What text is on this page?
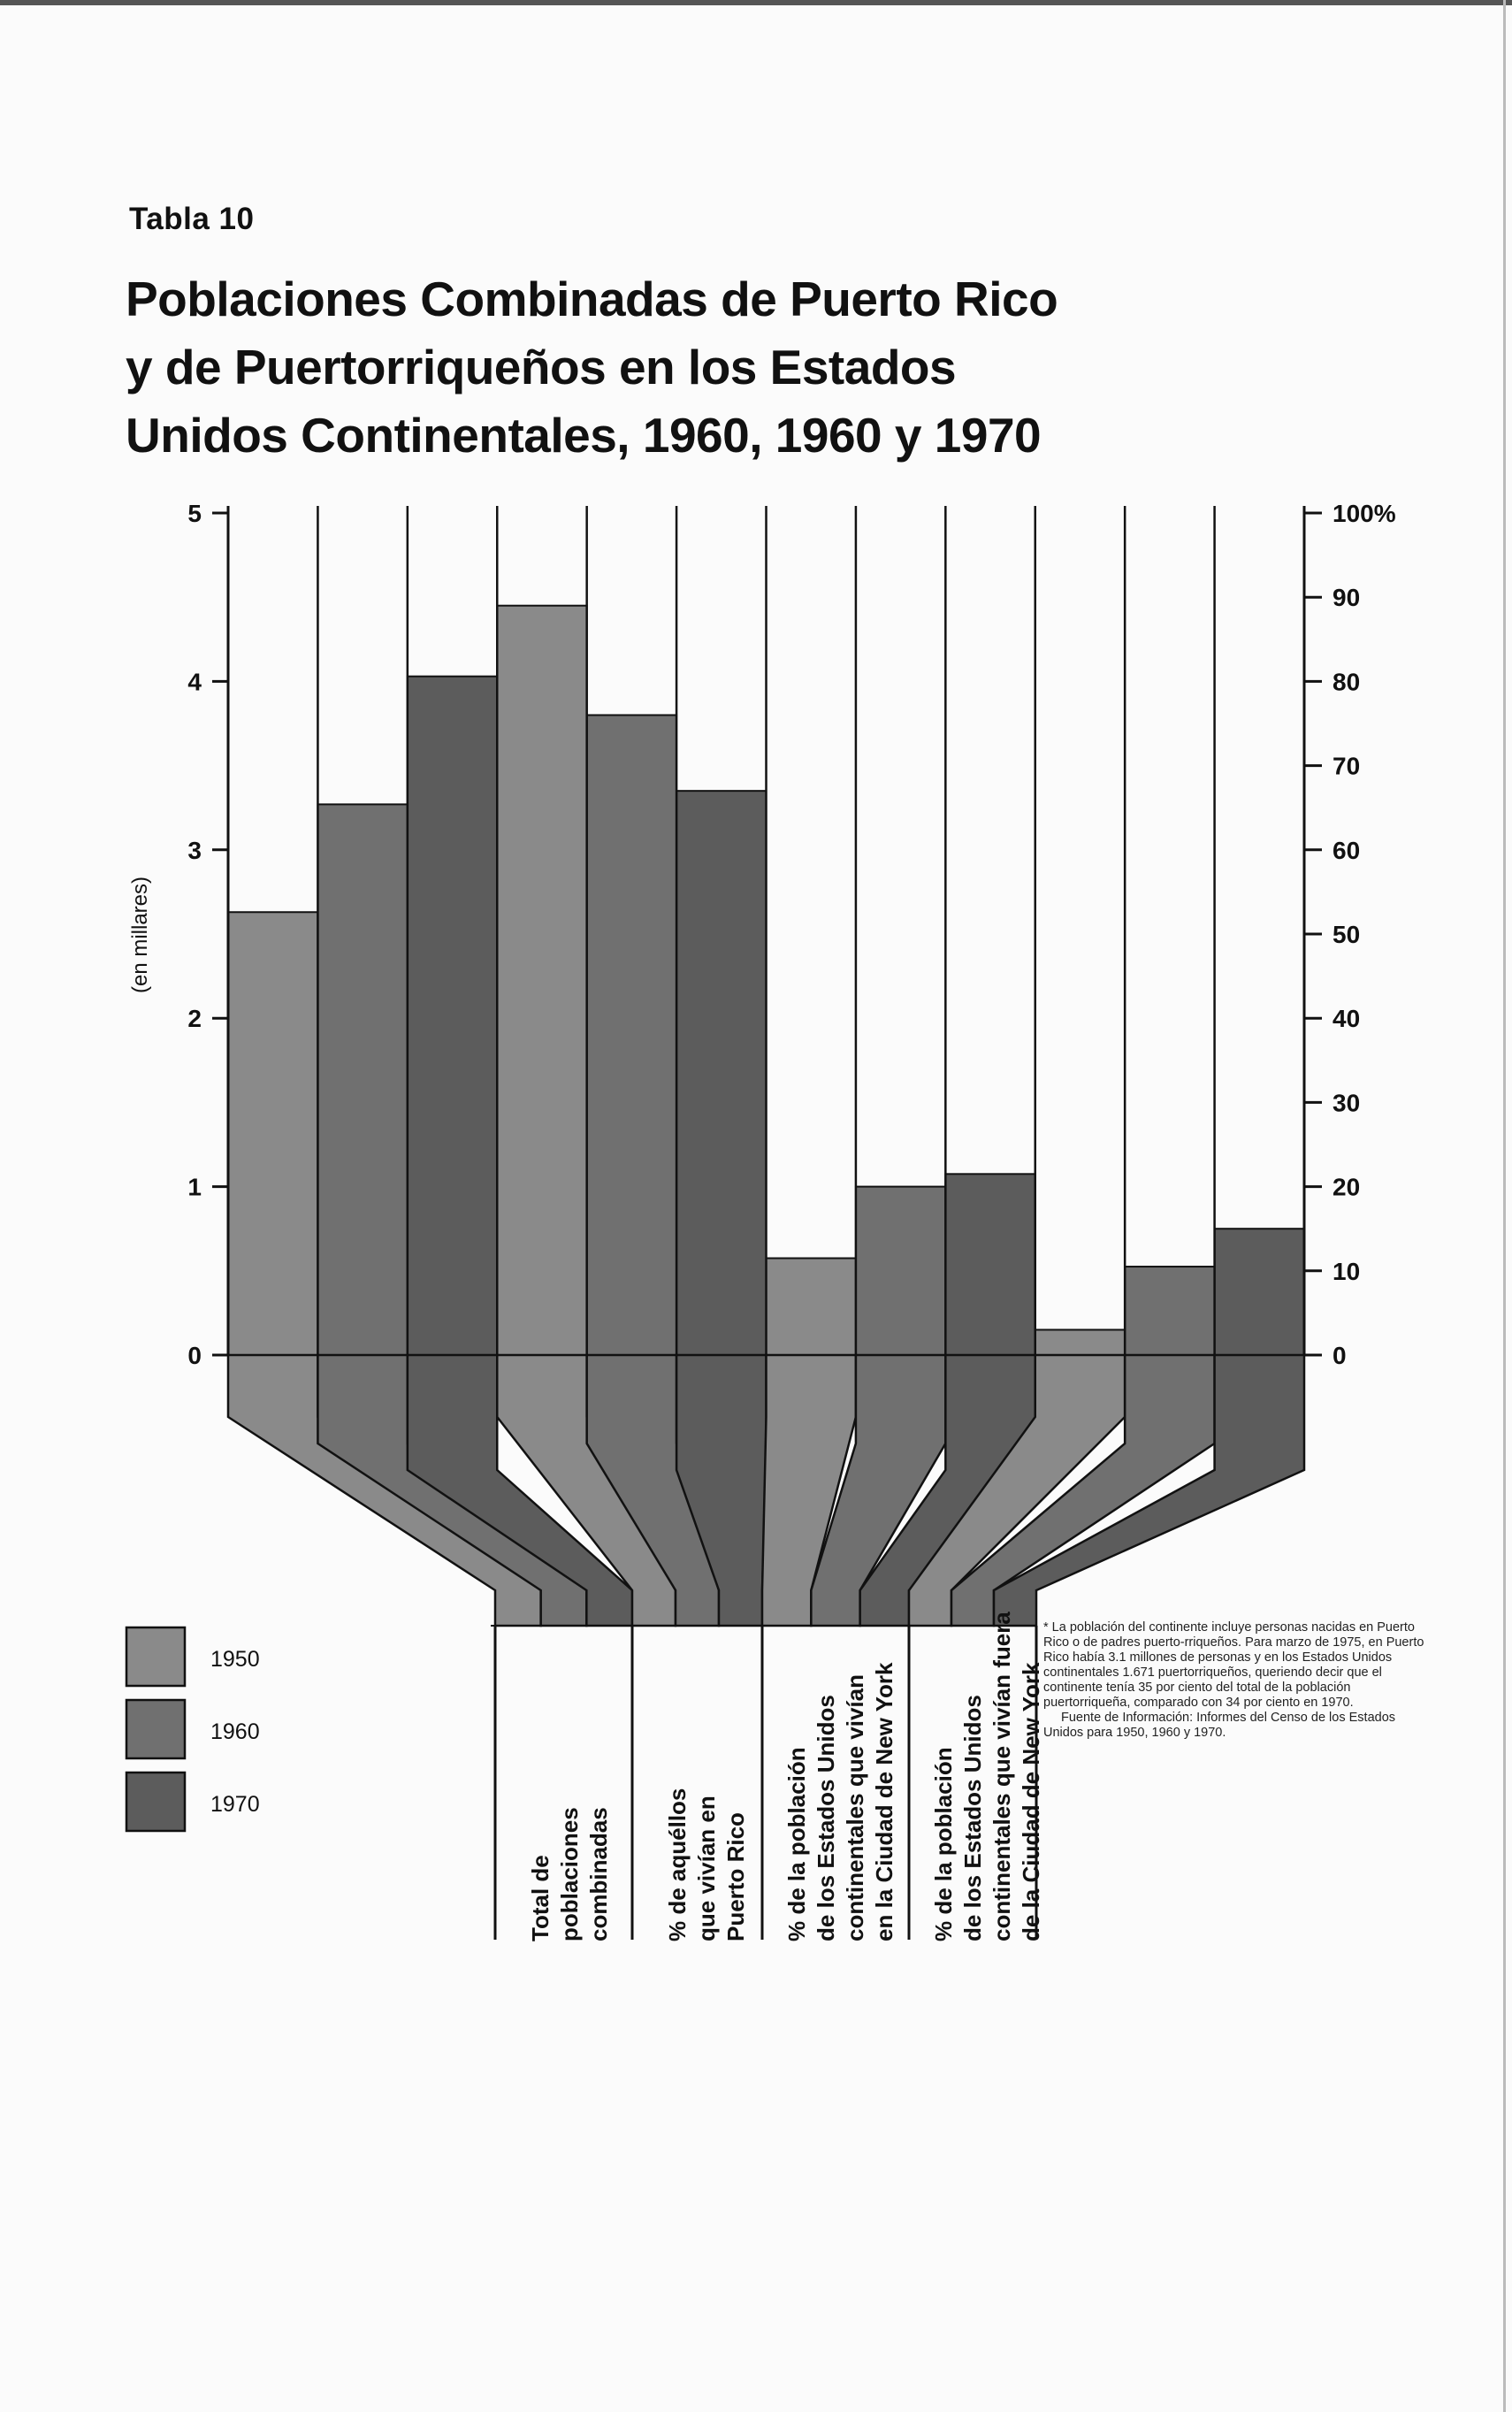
Tabla 10
Poblaciones Combinadas de Puerto Rico
y de Puertorriqueños en los Estados
Unidos Continentales, 1960, 1960 y 1970
0
1
2
3
4
5
0
10
20
30
40
50
60
70
80
90
100%
(en millares)
Total de poblaciones combinadas % de aquéllos que vivían en Puerto Rico % de la población de los Estados Unidos continentales que vivían en la Ciudad de New York % de la población de los Estados Unidos continentales que vivían fuera de la Ciudad de New York
1950
1960
1970

* La población del continente incluye personas nacidas en Puerto Rico o de padres puerto-rriqueños. Para marzo de 1975, en Puerto Rico había 3.1 millones de personas y en los Estados Unidos continentales 1.671 puertorriqueños, queriendo decir que el continente tenía 35 por ciento del total de la población puertorriqueña, comparado con 34 por ciento en 1970.

Fuente de Información: Informes del Censo de los Estados Unidos para 1950, 1960 y 1970.
